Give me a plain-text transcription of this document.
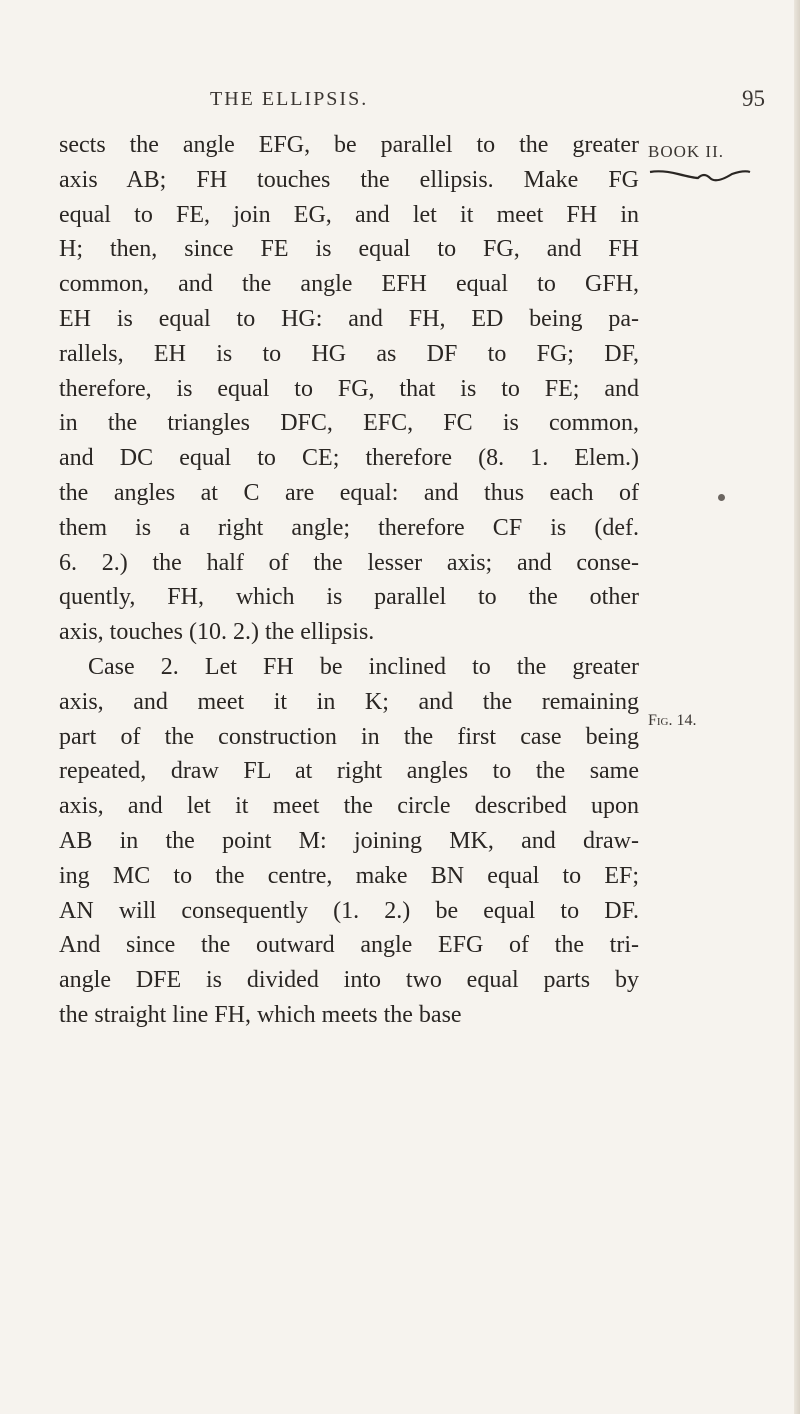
THE ELLIPSIS.	95
BOOK II.
Fig. 14.
sects the angle EFG, be parallel to the greater
axis AB; FH touches the ellipsis. Make FG
equal to FE, join EG, and let it meet FH in
H; then, since FE is equal to FG, and FH
common, and the angle EFH equal to GFH,
EH is equal to HG: and FH, ED being pa-
rallels, EH is to HG as DF to FG; DF,
therefore, is equal to FG, that is to FE; and
in the triangles DFC, EFC, FC is common,
and DC equal to CE; therefore (8. 1. Elem.)
the angles at C are equal: and thus each of
them is a right angle; therefore CF is (def.
6. 2.) the half of the lesser axis; and conse-
quently, FH, which is parallel to the other
axis, touches (10. 2.) the ellipsis.
Case 2. Let FH be inclined to the greater
axis, and meet it in K; and the remaining
part of the construction in the first case being
repeated, draw FL at right angles to the same
axis, and let it meet the circle described upon
AB in the point M: joining MK, and draw-
ing MC to the centre, make BN equal to EF;
AN will consequently (1. 2.) be equal to DF.
And since the outward angle EFG of the tri-
angle DFE is divided into two equal parts by
the straight line FH, which meets the base
